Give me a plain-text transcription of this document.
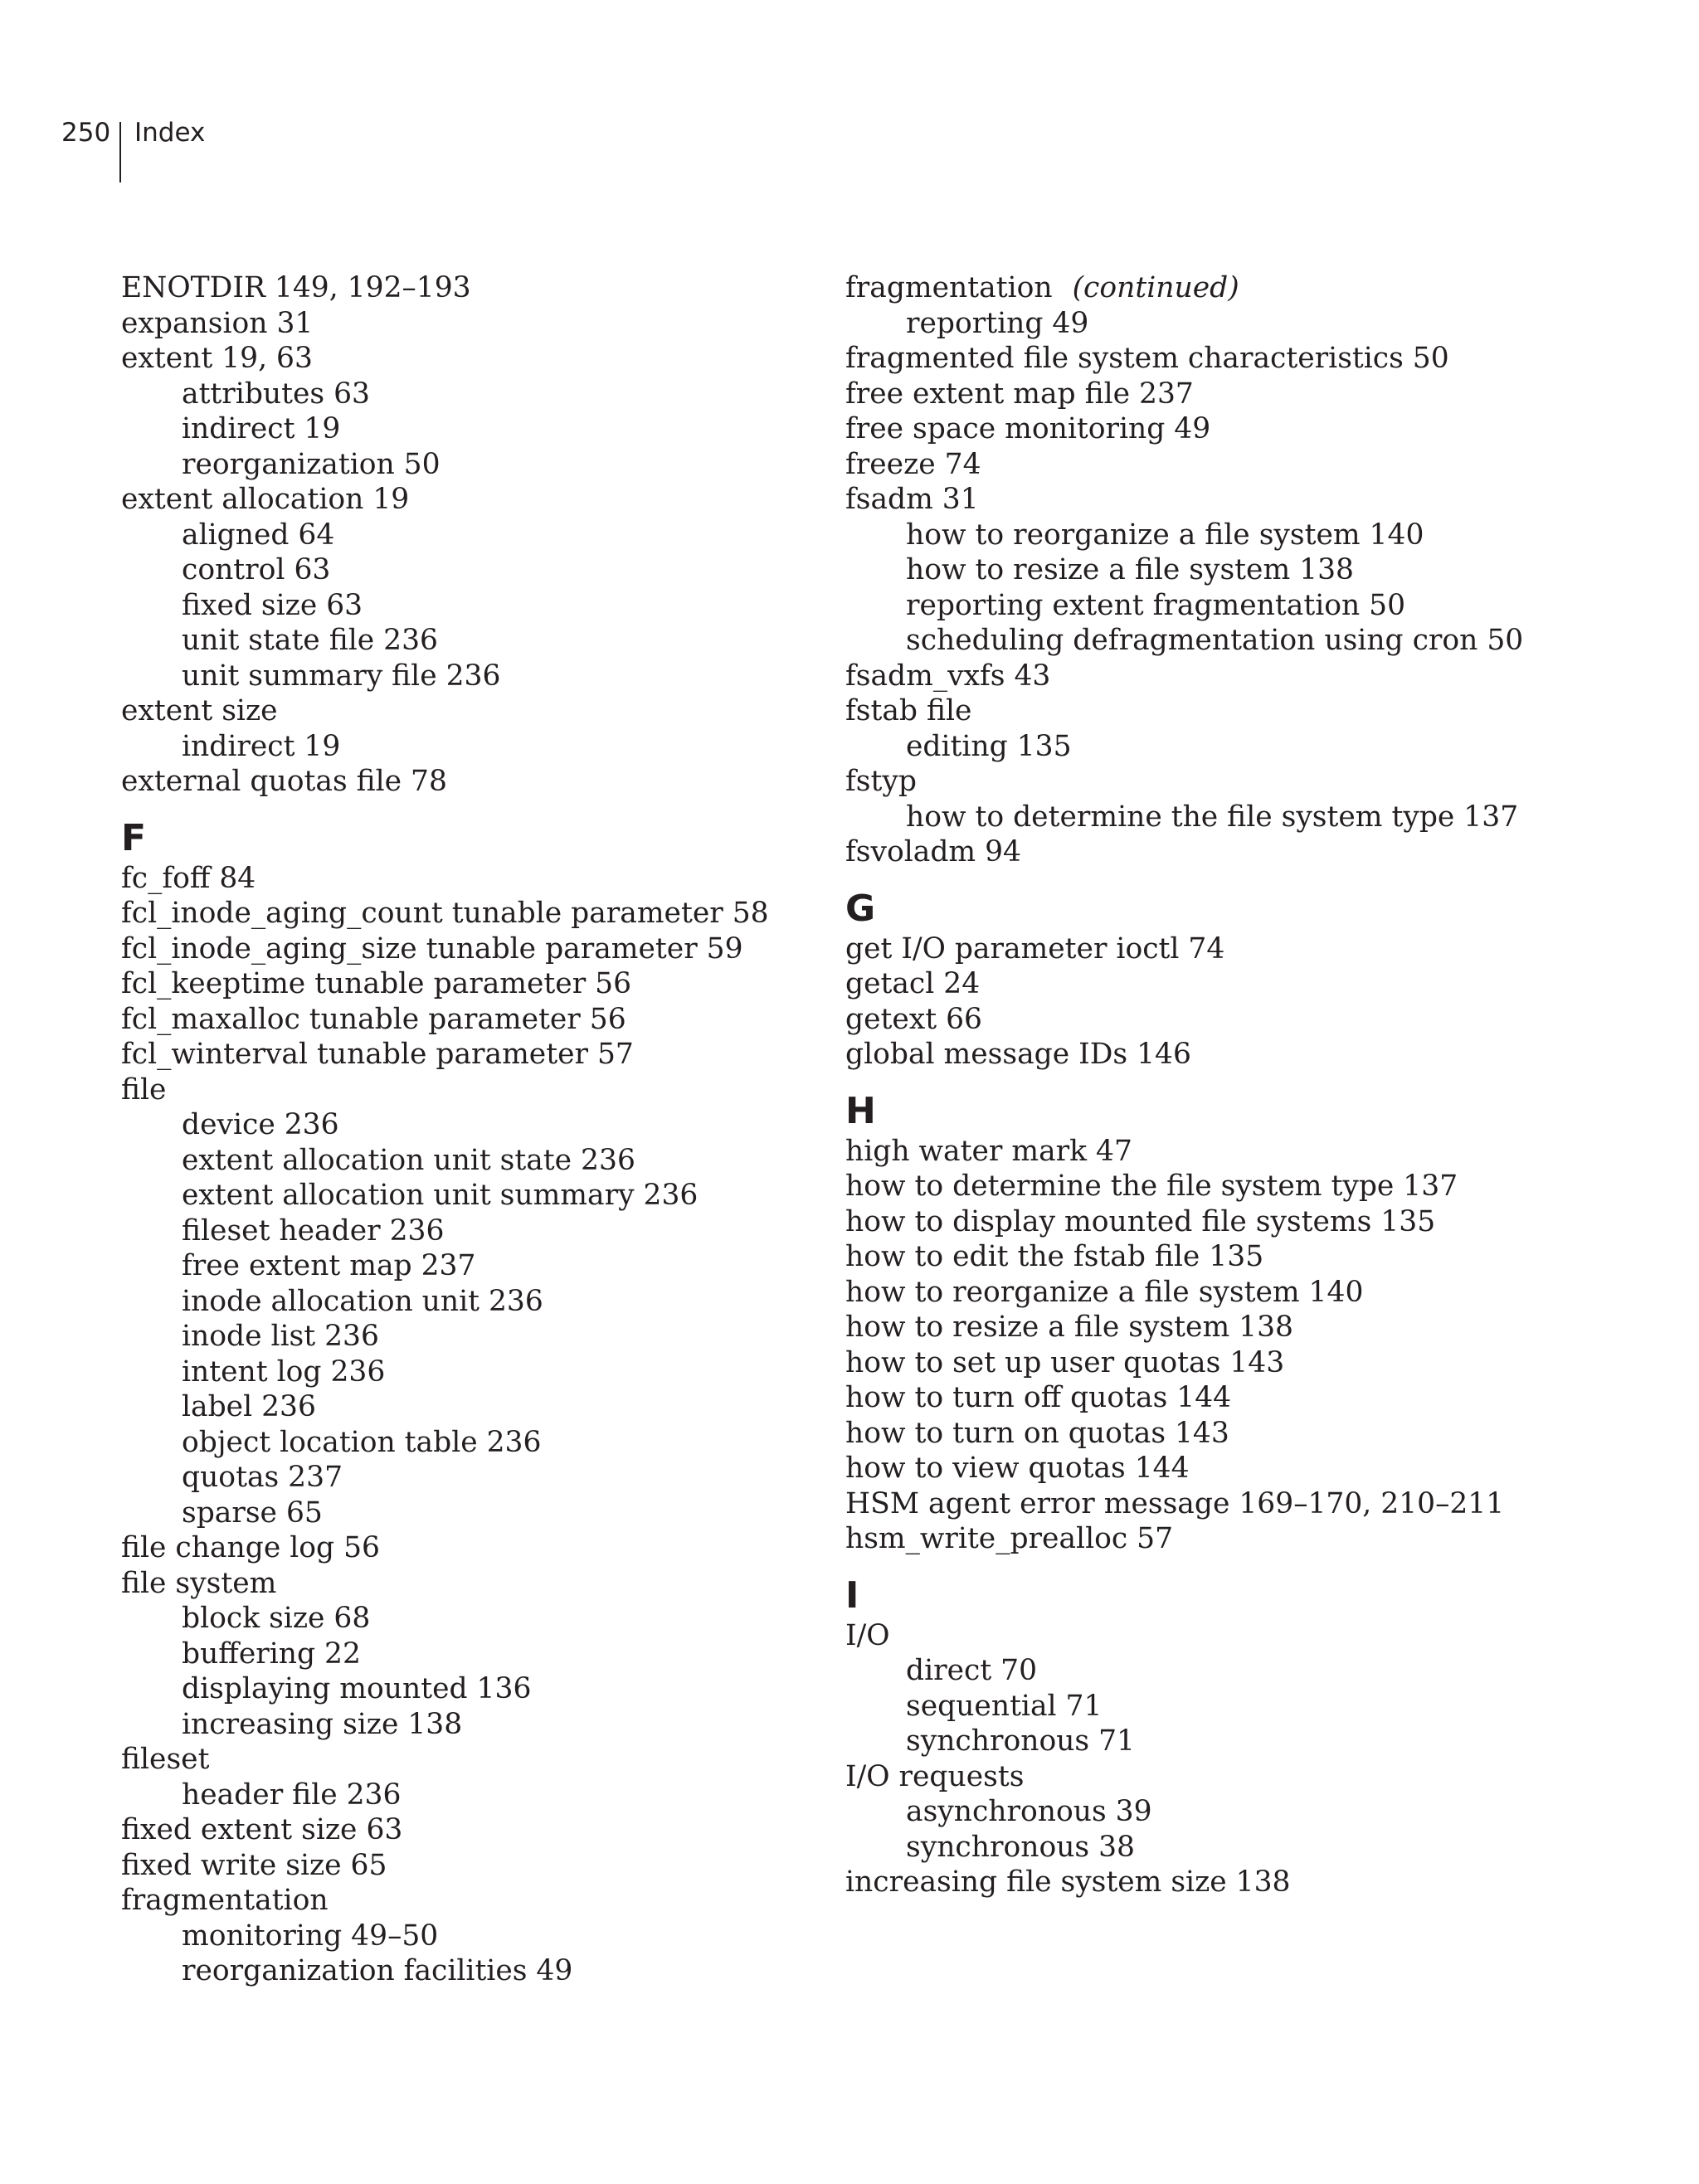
250 Index
ENOTDIR 149, 192–193
expansion 31
extent 19, 63
attributes 63
indirect 19
reorganization 50
extent allocation 19
aligned 64
control 63
fixed size 63
unit state file 236
unit summary file 236
extent size
indirect 19
external quotas file 78
F
fc_foff 84
fcl_inode_aging_count tunable parameter 58
fcl_inode_aging_size tunable parameter 59
fcl_keeptime tunable parameter 56
fcl_maxalloc tunable parameter 56
fcl_winterval tunable parameter 57
file
device 236
extent allocation unit state 236
extent allocation unit summary 236
fileset header 236
free extent map 237
inode allocation unit 236
inode list 236
intent log 236
label 236
object location table 236
quotas 237
sparse 65
file change log 56
file system
block size 68
buffering 22
displaying mounted 136
increasing size 138
fileset
header file 236
fixed extent size 63
fixed write size 65
fragmentation
monitoring 49–50
reorganization facilities 49
fragmentation (continued)
reporting 49
fragmented file system characteristics 50
free extent map file 237
free space monitoring 49
freeze 74
fsadm 31
how to reorganize a file system 140
how to resize a file system 138
reporting extent fragmentation 50
scheduling defragmentation using cron 50
fsadm_vxfs 43
fstab file
editing 135
fstyp
how to determine the file system type 137
fsvoladm 94
G
get I/O parameter ioctl 74
getacl 24
getext 66
global message IDs 146
H
high water mark 47
how to determine the file system type 137
how to display mounted file systems 135
how to edit the fstab file 135
how to reorganize a file system 140
how to resize a file system 138
how to set up user quotas 143
how to turn off quotas 144
how to turn on quotas 143
how to view quotas 144
HSM agent error message 169–170, 210–211
hsm_write_prealloc 57
I
I/O
direct 70
sequential 71
synchronous 71
I/O requests
asynchronous 39
synchronous 38
increasing file system size 138
